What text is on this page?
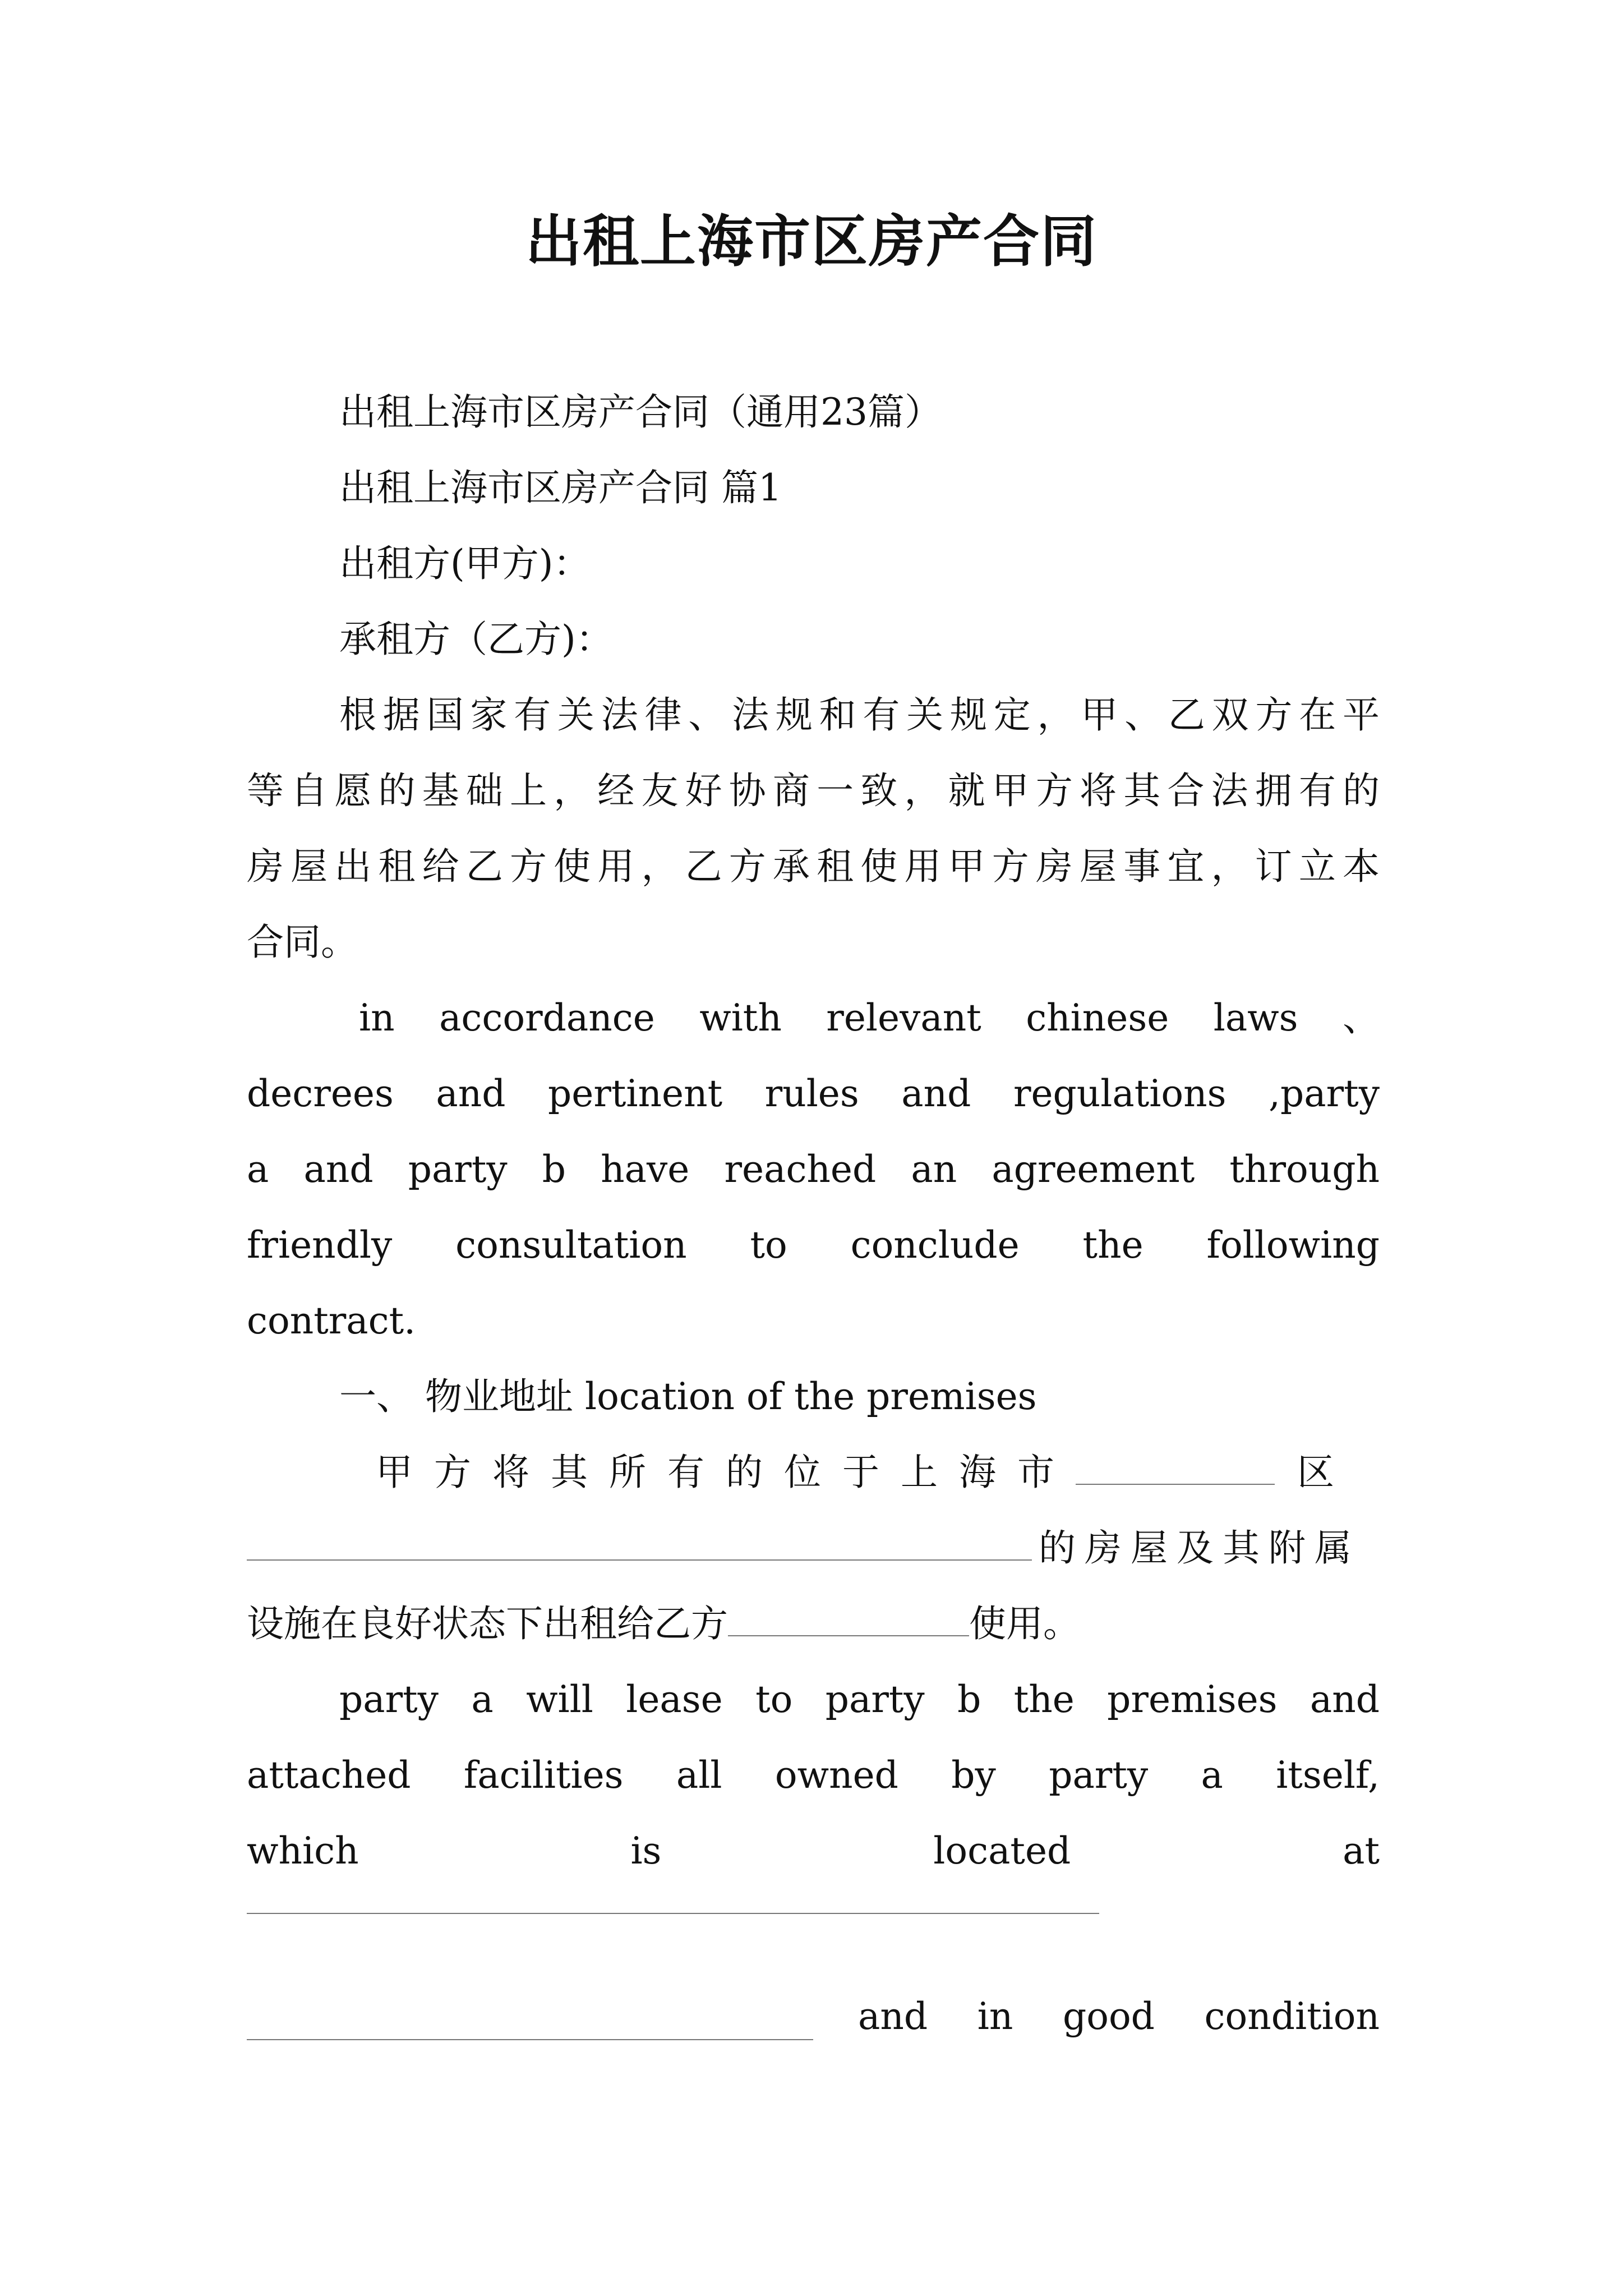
出租上海市区房产合同
出租上海市区房产合同（通用23篇）
出租上海市区房产合同 篇1
出租方(甲方)：
承租方（乙方)：
根据国家有关法律、法规和有关规定，甲、乙双方在平
等自愿的基础上，经友好协商一致，就甲方将其合法拥有的
房屋出租给乙方使用，乙方承租使用甲方房屋事宜，订立本
合同。
in accordance with relevant chinese laws 、
decrees and pertinent rules and regulations ,party
a and party b have reached an agreement through
friendly consultation to conclude the following
contract.
一、 物业地址 location of the premises
甲方将其所有的位于上海市	区
的房屋及其附属
设施在良好状态下出租给乙方	使用。
party a will lease to party b the premises and
attached facilities all owned by party a itself,
which is located at
and in good condition
